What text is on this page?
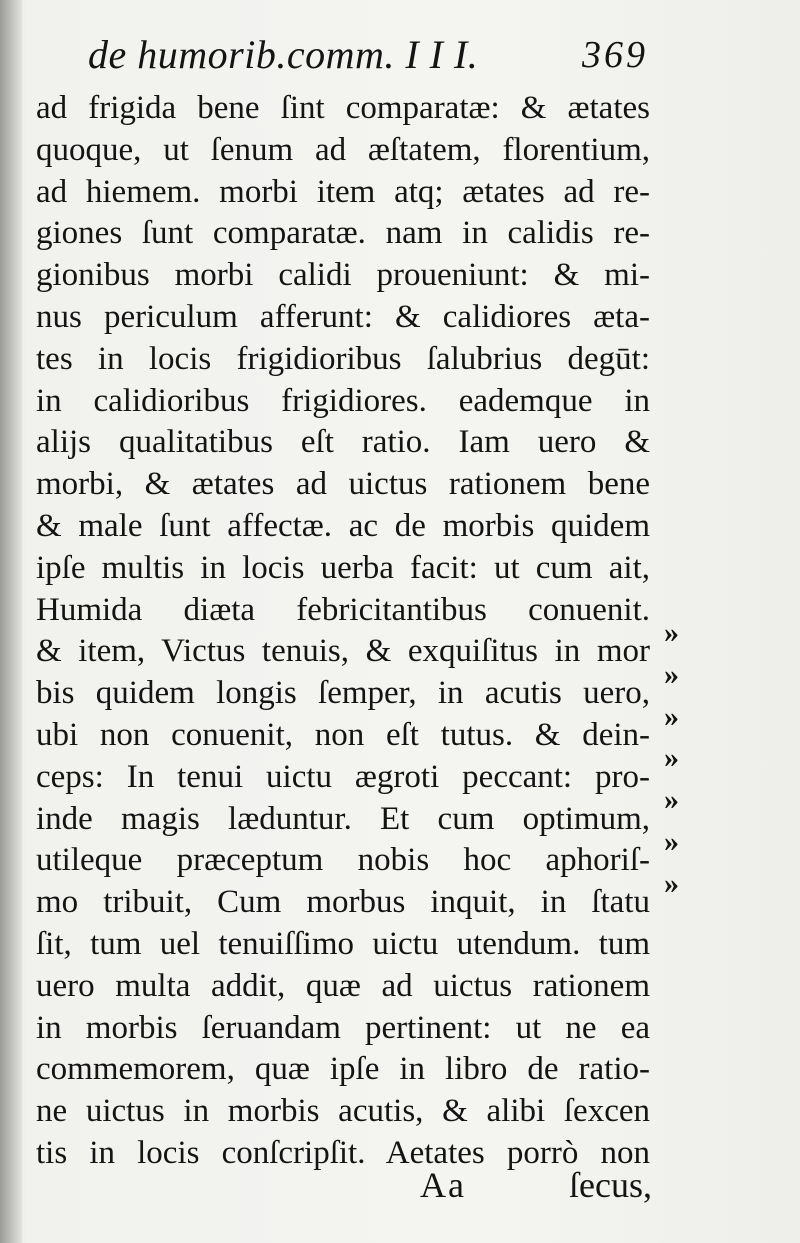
de humorib.comm. I I I.	369
ad frigida bene ſint comparatæ: & ætates
quoque, ut ſenum ad æſtatem, florentium,
ad hiemem. morbi item atq; ætates ad re-
giones ſunt comparatæ. nam in calidis re-
gionibus morbi calidi proueniunt: & mi-
nus periculum afferunt: & calidiores æta-
tes in locis frigidioribus ſalubrius degūt:
in calidioribus frigidiores. eademque in
alijs qualitatibus eſt ratio. Iam uero &
morbi, & ætates ad uictus rationem bene
& male ſunt affectæ. ac de morbis quidem
ipſe multis in locis uerba facit: ut cum ait,
Humida diæta febricitantibus conuenit.
& item, Victus tenuis, & exquiſitus in mor
bis quidem longis ſemper, in acutis uero,
ubi non conuenit, non eſt tutus. & dein-
ceps: In tenui uictu ægroti peccant: pro-
inde magis læduntur. Et cum optimum,
utileque præceptum nobis hoc aphoriſ-
mo tribuit, Cum morbus inquit, in ſtatu
ſit, tum uel tenuiſſimo uictu utendum. tum
uero multa addit, quæ ad uictus rationem
in morbis ſeruandam pertinent: ut ne ea
commemorem, quæ ipſe in libro de ratio-
ne uictus in morbis acutis, & alibi ſexcen
tis in locis conſcripſit. Aetates porrò non
»
»
»
»
»
»
»
Aa	ſecus,
